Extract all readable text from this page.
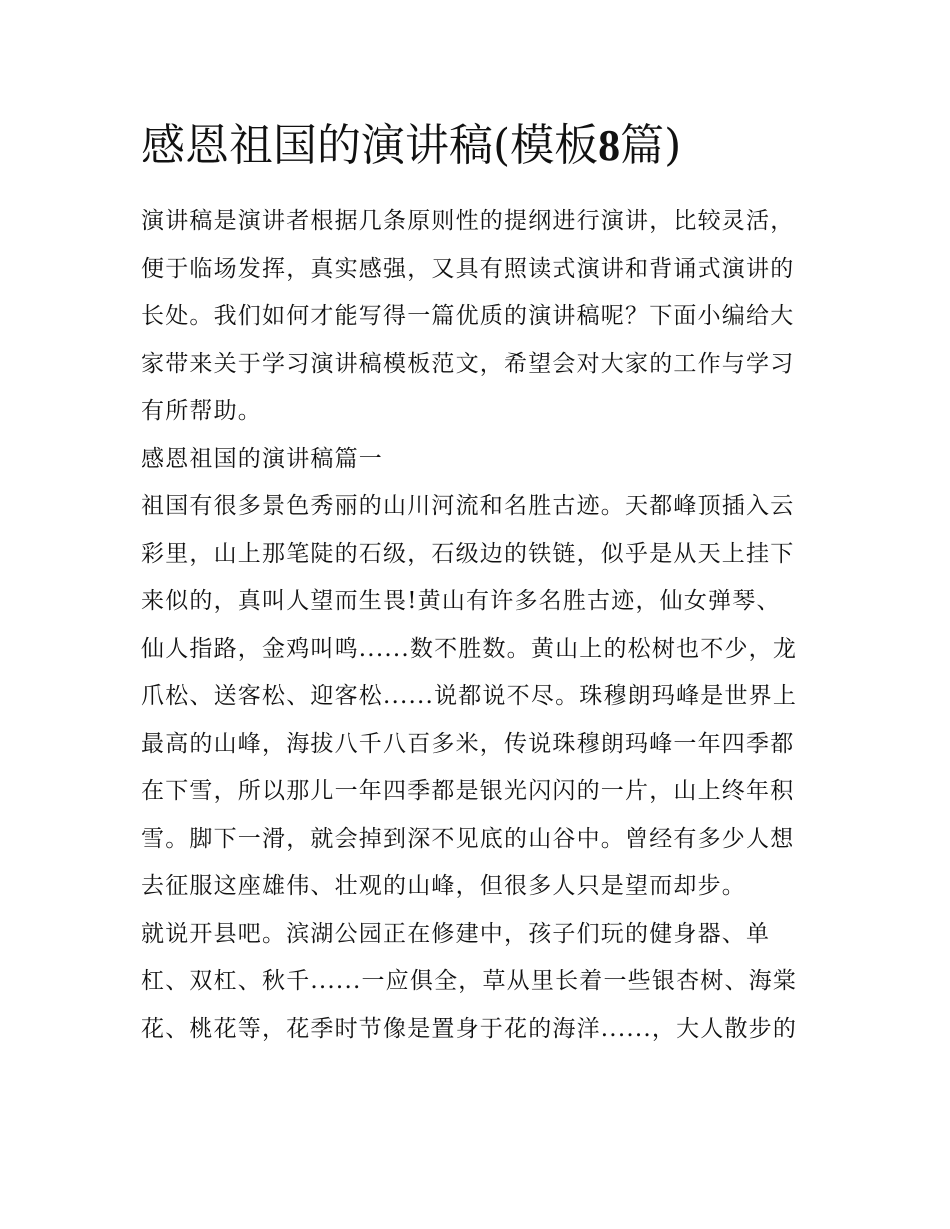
感恩祖国的演讲稿(模板8篇)
演讲稿是演讲者根据几条原则性的提纲进行演讲，比较灵活，
便于临场发挥，真实感强，又具有照读式演讲和背诵式演讲的
长处。我们如何才能写得一篇优质的演讲稿呢？下面小编给大
家带来关于学习演讲稿模板范文，希望会对大家的工作与学习
有所帮助。
感恩祖国的演讲稿篇一
祖国有很多景色秀丽的山川河流和名胜古迹。天都峰顶插入云
彩里，山上那笔陡的石级，石级边的铁链，似乎是从天上挂下
来似的，真叫人望而生畏!黄山有许多名胜古迹，仙女弹琴、
仙人指路，金鸡叫鸣......数不胜数。黄山上的松树也不少，龙
爪松、送客松、迎客松......说都说不尽。珠穆朗玛峰是世界上
最高的山峰，海拔八千八百多米，传说珠穆朗玛峰一年四季都
在下雪，所以那儿一年四季都是银光闪闪的一片，山上终年积
雪。脚下一滑，就会掉到深不见底的山谷中。曾经有多少人想
去征服这座雄伟、壮观的山峰，但很多人只是望而却步。
就说开县吧。滨湖公园正在修建中，孩子们玩的健身器、单
杠、双杠、秋千......一应俱全，草从里长着一些银杏树、海棠
花、桃花等，花季时节像是置身于花的海洋......，大人散步的
